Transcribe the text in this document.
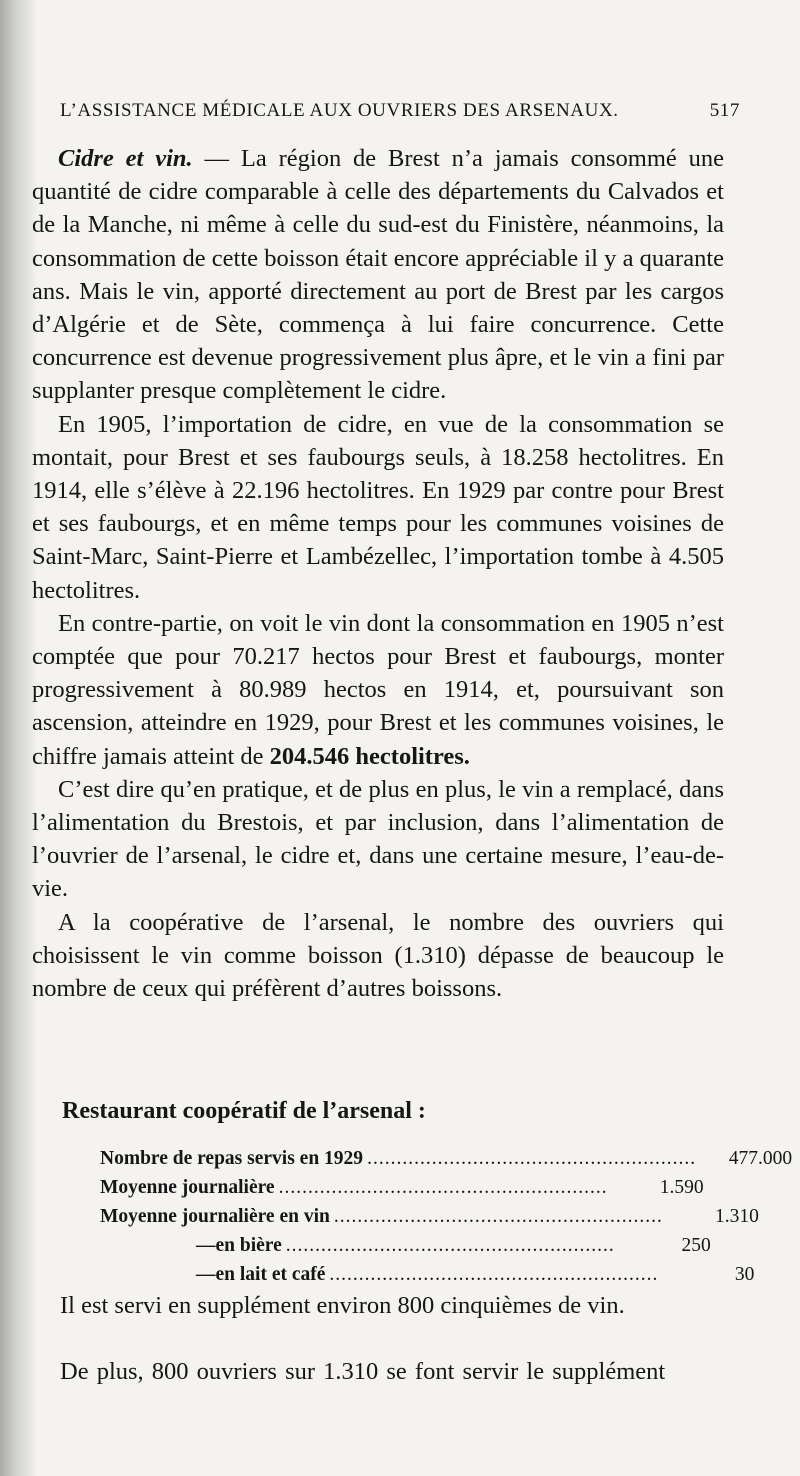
L’ASSISTANCE MÉDICALE AUX OUVRIERS DES ARSENAUX.	517

Cidre et vin. — La région de Brest n’a jamais consommé une quantité de cidre comparable à celle des départements du Calvados et de la Manche, ni même à celle du sud-est du Finistère, néanmoins, la consommation de cette boisson était encore appréciable il y a quarante ans. Mais le vin, apporté directement au port de Brest par les cargos d’Algérie et de Sète, commença à lui faire concurrence. Cette concurrence est devenue progressivement plus âpre, et le vin a fini par supplanter presque complètement le cidre.

En 1905, l’importation de cidre, en vue de la consommation se montait, pour Brest et ses faubourgs seuls, à 18.258 hectolitres. En 1914, elle s’élève à 22.196 hectolitres. En 1929 par contre pour Brest et ses faubourgs, et en même temps pour les communes voisines de Saint-Marc, Saint-Pierre et Lambézellec, l’importation tombe à 4.505 hectolitres.

En contre-partie, on voit le vin dont la consommation en 1905 n’est comptée que pour 70.217 hectos pour Brest et faubourgs, monter progressivement à 80.989 hectos en 1914, et, poursuivant son ascension, atteindre en 1929, pour Brest et les communes voisines, le chiffre jamais atteint de 204.546 hectolitres.

C’est dire qu’en pratique, et de plus en plus, le vin a remplacé, dans l’alimentation du Brestois, et par inclusion, dans l’alimentation de l’ouvrier de l’arsenal, le cidre et, dans une certaine mesure, l’eau-de-vie.

A la coopérative de l’arsenal, le nombre des ouvriers qui choisissent le vin comme boisson (1.310) dépasse de beaucoup le nombre de ceux qui préfèrent d’autres boissons.

Restaurant coopératif de l’arsenal :
Nombre de repas servis en 1929 ........................................................	477.000
Moyenne journalière ........................................................	1.590
Moyenne journalière en vin ........................................................	1.310
— en bière ........................................................	250
— en lait et café ........................................................	30
Il est servi en supplément environ 800 cinquièmes de vin.
De plus, 800 ouvriers sur 1.310 se font servir le supplément
